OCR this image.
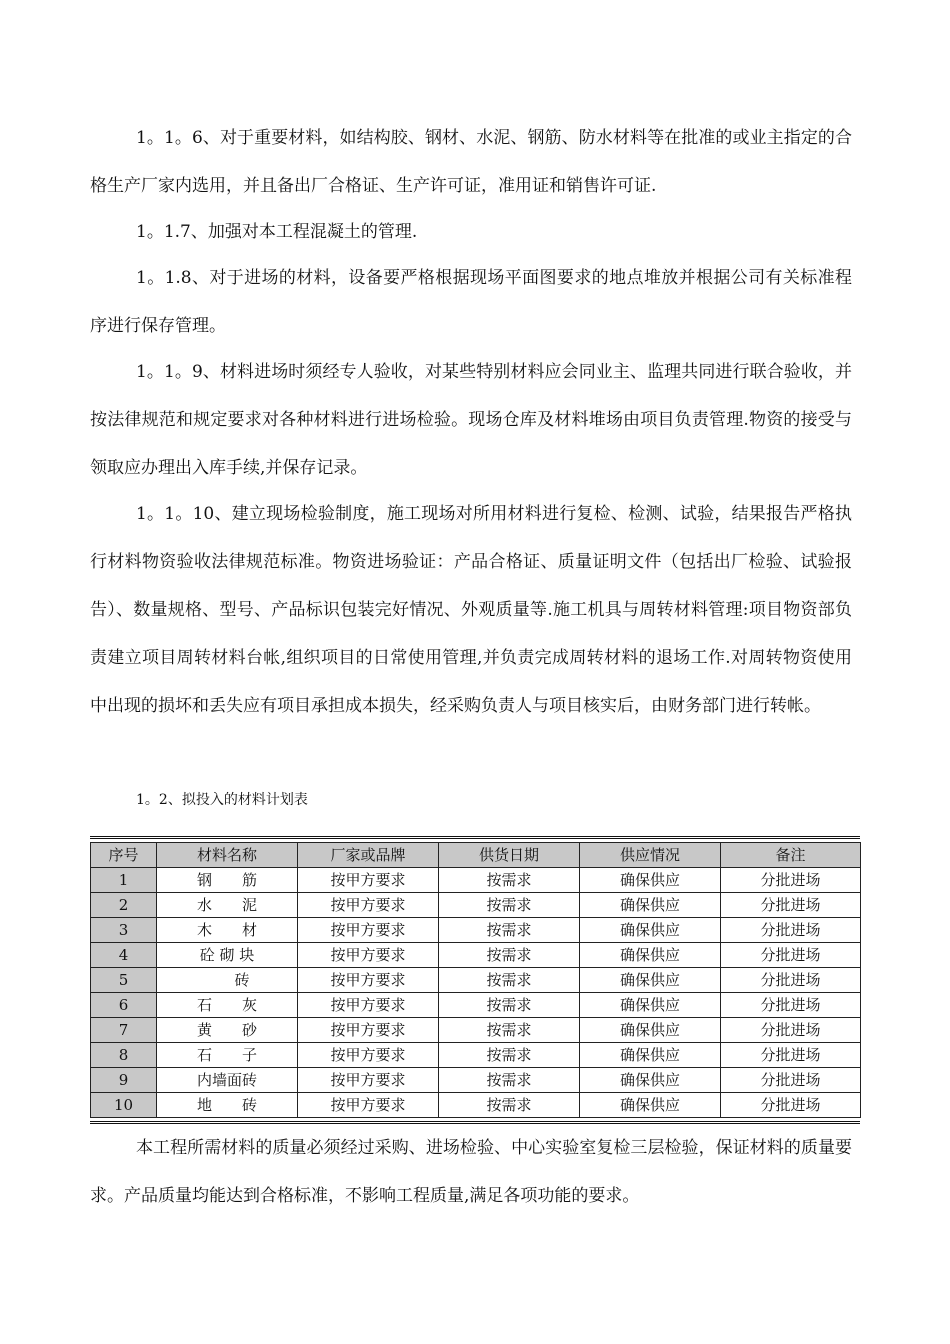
1。1。6、对于重要材料，如结构胶、钢材、水泥、钢筋、防水材料等在批准的或业主指定的合格生产厂家内选用，并且备出厂合格证、生产许可证，准用证和销售许可证.

1。1.7、加强对本工程混凝土的管理.

1。1.8、对于进场的材料，设备要严格根据现场平面图要求的地点堆放并根据公司有关标准程序进行保存管理。

1。1。9、材料进场时须经专人验收，对某些特别材料应会同业主、监理共同进行联合验收，并按法律规范和规定要求对各种材料进行进场检验。现场仓库及材料堆场由项目负责管理.物资的接受与领取应办理出入库手续,并保存记录。

1。1。10、建立现场检验制度，施工现场对所用材料进行复检、检测、试验，结果报告严格执行材料物资验收法律规范标准。物资进场验证：产品合格证、质量证明文件（包括出厂检验、试验报告）、数量规格、型号、产品标识包装完好情况、外观质量等.施工机具与周转材料管理:项目物资部负责建立项目周转材料台帐,组织项目的日常使用管理,并负责完成周转材料的退场工作.对周转物资使用中出现的损坏和丢失应有项目承担成本损失，经采购负责人与项目核实后，由财务部门进行转帐。

1。2、拟投入的材料计划表

序号	材料名称	厂家或品牌	供货日期	供应情况	备注
1	钢　　筋	按甲方要求	按需求	确保供应	分批进场
2	水　　泥	按甲方要求	按需求	确保供应	分批进场
3	木　　材	按甲方要求	按需求	确保供应	分批进场
4	砼 砌 块	按甲方要求	按需求	确保供应	分批进场
5	　　砖	按甲方要求	按需求	确保供应	分批进场
6	石　　灰	按甲方要求	按需求	确保供应	分批进场
7	黄　　砂	按甲方要求	按需求	确保供应	分批进场
8	石　　子	按甲方要求	按需求	确保供应	分批进场
9	内墙面砖	按甲方要求	按需求	确保供应	分批进场
10	地　　砖	按甲方要求	按需求	确保供应	分批进场

本工程所需材料的质量必须经过采购、进场检验、中心实验室复检三层检验，保证材料的质量要求。产品质量均能达到合格标准，不影响工程质量,满足各项功能的要求。
